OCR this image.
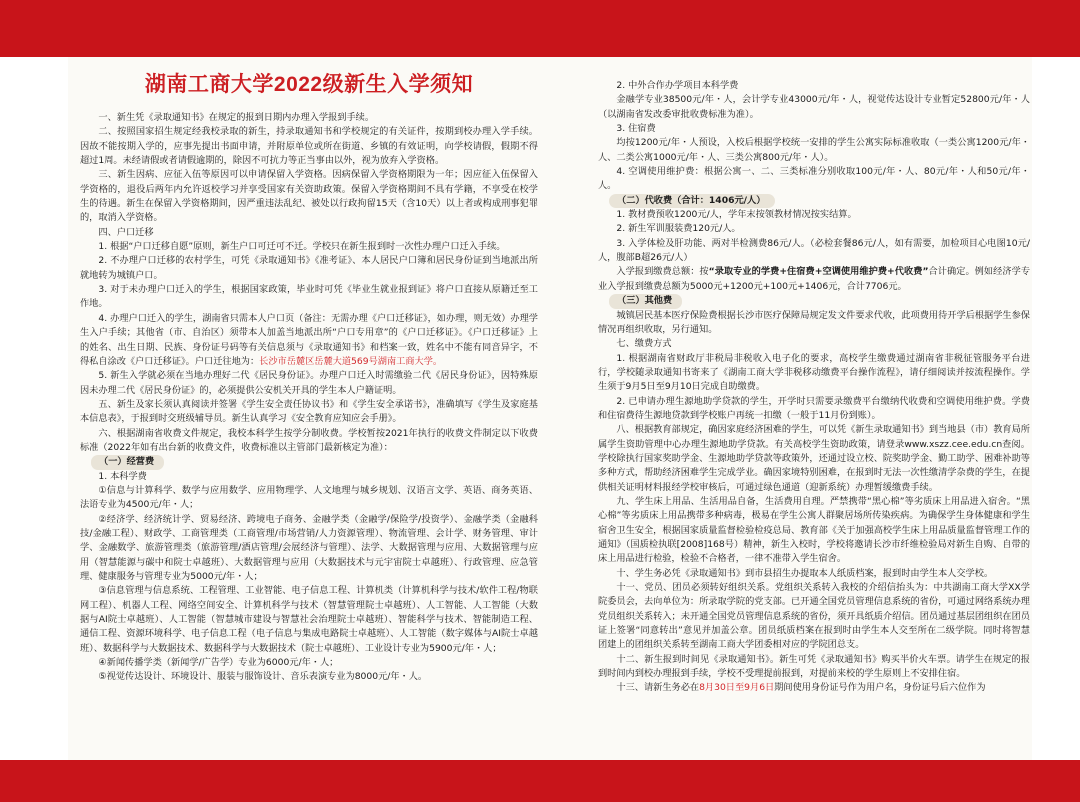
湖南工商大学2022级新生入学须知

一、新生凭《录取通知书》在规定的报到日期内办理入学报到手续。

二、按照国家招生规定经我校录取的新生，持录取通知书和学校规定的有关证件，按期到校办理入学手续。因故不能按期入学的，应事先提出书面申请，并附原单位或所在街道、乡镇的有效证明，向学校请假，假期不得超过1周。未经请假或者请假逾期的，除因不可抗力等正当事由以外，视为放弃入学资格。

三、新生因病、应征入伍等原因可以申请保留入学资格。因病保留入学资格期限为一年；因应征入伍保留入学资格的，退役后两年内允许返校学习并享受国家有关资助政策。保留入学资格期间不具有学籍，不享受在校学生的待遇。新生在保留入学资格期间，因严重违法乱纪、被处以行政拘留15天（含10天）以上者或构成刑事犯罪的，取消入学资格。

四、户口迁移

1. 根据“户口迁移自愿”原则，新生户口可迁可不迁。学校只在新生报到时一次性办理户口迁入手续。

2. 不办理户口迁移的农村学生，可凭《录取通知书》《准考证》、本人居民户口簿和居民身份证到当地派出所就地转为城镇户口。

3. 对于未办理户口迁入的学生，根据国家政策，毕业时可凭《毕业生就业报到证》将户口直接从原籍迁至工作地。

4. 办理户口迁入的学生，湖南省只需本人户口页（备注：无需办理《户口迁移证》，如办理，则无效）办理学生入户手续；其他省（市、自治区）须带本人加盖当地派出所“户口专用章”的《户口迁移证》。《户口迁移证》上的姓名、出生日期、民族、身份证号码等有关信息须与《录取通知书》和档案一致，姓名中不能有同音异字，不得私自涂改《户口迁移证》。户口迁往地为：长沙市岳麓区岳麓大道569号湖南工商大学。

5. 新生入学就必须在当地办理好二代《居民身份证》。办理户口迁入时需缴验二代《居民身份证》，因特殊原因未办理二代《居民身份证》的，必须提供公安机关开具的学生本人户籍证明。

五、新生及家长须认真阅读并签署《学生安全责任协议书》和《学生安全承诺书》，准确填写《学生及家庭基本信息表》，于报到时交班级辅导员。新生认真学习《安全教育应知应会手册》。

六、根据湖南省收费文件规定，我校本科学生按学分制收费。学校暂按2021年执行的收费文件制定以下收费标准（2022年如有出台新的收费文件，收费标准以主管部门最新核定为准）：

（一）经营费

1. 本科学费

①信息与计算科学、数学与应用数学、应用物理学、人文地理与城乡规划、汉语言文学、英语、商务英语、法语专业为4500元/年・人；

②经济学、经济统计学、贸易经济、跨境电子商务、金融学类（金融学/保险学/投资学）、金融学类（金融科技/金融工程）、财政学、工商管理类（工商管理/市场营销/人力资源管理）、物流管理、会计学、财务管理、审计学、金融数学、旅游管理类（旅游管理/酒店管理/会展经济与管理）、法学、大数据管理与应用、大数据管理与应用（智慧能源与碳中和院士卓越班）、大数据管理与应用（大数据技术与元宇宙院士卓越班）、行政管理、应急管理、健康服务与管理专业为5000元/年・人；

③信息管理与信息系统、工程管理、工业智能、电子信息工程、计算机类（计算机科学与技术/软件工程/物联网工程）、机器人工程、网络空间安全、计算机科学与技术（智慧管理院士卓越班）、人工智能、人工智能（大数据与AI院士卓越班）、人工智能（智慧城市建设与智慧社会治理院士卓越班）、智能科学与技术、智能制造工程、通信工程、资源环境科学、电子信息工程（电子信息与集成电路院士卓越班）、人工智能（数字媒体与AI院士卓越班）、数据科学与大数据技术、数据科学与大数据技术（院士卓越班）、工业设计专业为5900元/年・人；

④新闻传播学类（新闻学/广告学）专业为6000元/年・人；

⑤视觉传达设计、环境设计、服装与服饰设计、音乐表演专业为8000元/年・人。

2. 中外合作办学项目本科学费

金融学专业38500元/年・人，会计学专业43000元/年・人，视觉传达设计专业暂定52800元/年・人（以湖南省发改委审批收费标准为准）。

3. 住宿费

均按1200元/年・人预设，入校后根据学校统一安排的学生公寓实际标准收取（一类公寓1200元/年・人、二类公寓1000元/年・人、三类公寓800元/年・人）。

4. 空调使用维护费：根据公寓一、二、三类标准分别收取100元/年・人、80元/年・人和50元/年・人。

（二）代收费（合计：1406元/人）

1. 教材费预收1200元/人，学年末按领教材情况按实结算。

2. 新生军训服装费120元/人。

3. 入学体检及肝功能、两对半检测费86元/人。（必检套餐86元/人，如有需要，加检项目心电图10元/人，腹部B超26元/人）

入学报到缴费总额：按“录取专业的学费+住宿费+空调使用维护费+代收费”合计确定。例如经济学专业入学报到缴费总额为5000元+1200元+100元+1406元，合计7706元。

（三）其他费

城镇居民基本医疗保险费根据长沙市医疗保障局规定发文件要求代收，此项费用待开学后根据学生参保情况再组织收取，另行通知。

七、缴费方式

1. 根据湖南省财政厅非税局非税收入电子化的要求，高校学生缴费通过湖南省非税征管服务平台进行，学校随录取通知书寄来了《湖南工商大学非税移动缴费平台操作流程》，请仔细阅读并按流程操作。学生须于9月5日至9月10日完成自助缴费。

2. 已申请办理生源地助学贷款的学生，开学时只需要录缴费平台缴纳代收费和空调使用维护费。学费和住宿费待生源地贷款到学校账户再统一扣缴（一般于11月份到账）。

八、根据教育部规定，确因家庭经济困难的学生，可以凭《新生录取通知书》到当地县（市）教育局所属学生资助管理中心办理生源地助学贷款。有关高校学生资助政策，请登录www.xszz.cee.edu.cn查阅。学校除执行国家奖助学金、生源地助学贷款等政策外，还通过设立校、院奖助学金、勤工助学、困难补助等多种方式，帮助经济困难学生完成学业。确因家境特别困难，在报到时无法一次性缴清学杂费的学生，在提供相关证明材料报经学校审核后，可通过绿色通道（迎新系统）办理暂缓缴费手续。

九、学生床上用品、生活用品自备，生活费用自理。严禁携带“黑心棉”等劣质床上用品进入宿舍。“黑心棉”等劣质床上用品携带多种病毒，极易在学生公寓人群聚居场所传染疾病。为确保学生身体健康和学生宿舍卫生安全，根据国家质量监督检验检疫总局、教育部《关于加强高校学生床上用品质量监督管理工作的通知》（国质检执联[2008]168号）精神，新生入校时，学校将邀请长沙市纤维检验局对新生自购、自带的床上用品进行检验，检验不合格者，一律不准带入学生宿舍。

十、学生务必凭《录取通知书》到市县招生办提取本人纸质档案，报到时由学生本人交学校。

十一、党员、团员必须转好组织关系。党组织关系转入我校的介绍信抬头为：中共湖南工商大学XX学院委员会，去向单位为：所录取学院的党支部。已开通全国党员管理信息系统的省份，可通过网络系统办理党员组织关系转入；未开通全国党员管理信息系统的省份，须开具纸质介绍信。团员通过基层团组织在团员证上签署“同意转出”意见并加盖公章。团员纸质档案在报到时由学生本人交至所在二级学院。同时将智慧团建上的团组织关系转至湖南工商大学团委相对应的学院团总支。

十二、新生报到时间见《录取通知书》。新生可凭《录取通知书》购买半价火车票。请学生在规定的报到时间内到校办理报到手续，学校不受理提前报到，对提前来校的学生原则上不安排住宿。

十三、请新生务必在8月30日至9月6日期间使用身份证号作为用户名，身份证号后六位作为
